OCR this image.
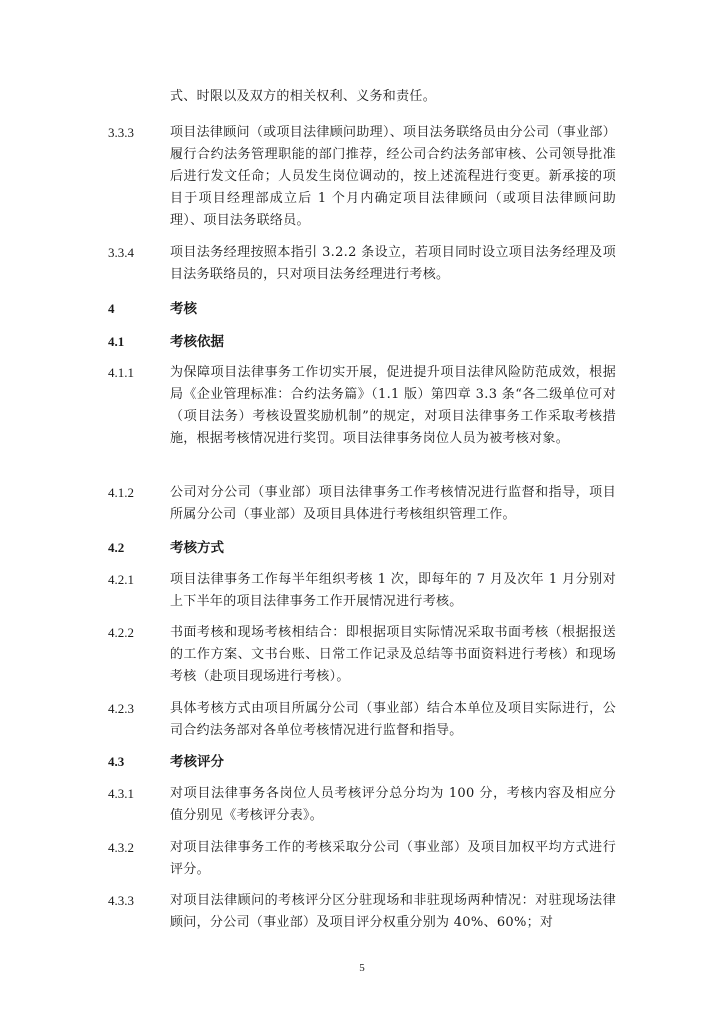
式、时限以及双方的相关权利、义务和责任。
3.3.3	项目法律顾问（或项目法律顾问助理）、项目法务联络员由分公司（事业部）履行合约法务管理职能的部门推荐，经公司合约法务部审核、公司领导批准后进行发文任命；人员发生岗位调动的，按上述流程进行变更。新承接的项目于项目经理部成立后 1 个月内确定项目法律顾问（或项目法律顾问助理）、项目法务联络员。
3.3.4	项目法务经理按照本指引 3.2.2 条设立，若项目同时设立项目法务经理及项目法务联络员的，只对项目法务经理进行考核。
4	考核
4.1	考核依据
4.1.1	为保障项目法律事务工作切实开展，促进提升项目法律风险防范成效，根据局《企业管理标准：合约法务篇》（1.1 版）第四章 3.3 条“各二级单位可对（项目法务）考核设置奖励机制”的规定，对项目法律事务工作采取考核措施，根据考核情况进行奖罚。项目法律事务岗位人员为被考核对象。
4.1.2	公司对分公司（事业部）项目法律事务工作考核情况进行监督和指导，项目所属分公司（事业部）及项目具体进行考核组织管理工作。
4.2	考核方式
4.2.1	项目法律事务工作每半年组织考核 1 次，即每年的 7 月及次年 1 月分别对上下半年的项目法律事务工作开展情况进行考核。
4.2.2	书面考核和现场考核相结合：即根据项目实际情况采取书面考核（根据报送的工作方案、文书台账、日常工作记录及总结等书面资料进行考核）和现场考核（赴项目现场进行考核）。
4.2.3	具体考核方式由项目所属分公司（事业部）结合本单位及项目实际进行，公司合约法务部对各单位考核情况进行监督和指导。
4.3	考核评分
4.3.1	对项目法律事务各岗位人员考核评分总分均为 100 分，考核内容及相应分值分别见《考核评分表》。
4.3.2	对项目法律事务工作的考核采取分公司（事业部）及项目加权平均方式进行评分。
4.3.3	对项目法律顾问的考核评分区分驻现场和非驻现场两种情况：对驻现场法律顾问，分公司（事业部）及项目评分权重分别为 40%、60%；对
5
